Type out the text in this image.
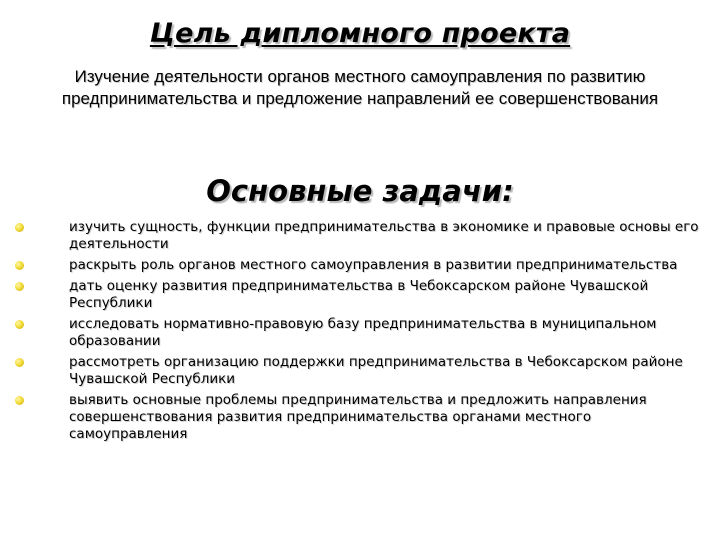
Цель дипломного проекта
Изучение деятельности органов местного самоуправления по развитию предпринимательства и предложение направлений ее совершенствования
Основные задачи:
изучить сущность, функции предпринимательства в экономике и правовые основы его деятельности
раскрыть роль органов местного самоуправления в развитии предпринимательства
дать оценку развития предпринимательства в Чебоксарском районе Чувашской Республики
исследовать нормативно-правовую базу предпринимательства в муниципальном образовании
рассмотреть организацию поддержки предпринимательства в Чебоксарском районе Чувашской Республики
выявить основные проблемы предпринимательства и предложить направления совершенствования развития предпринимательства органами местного самоуправления
